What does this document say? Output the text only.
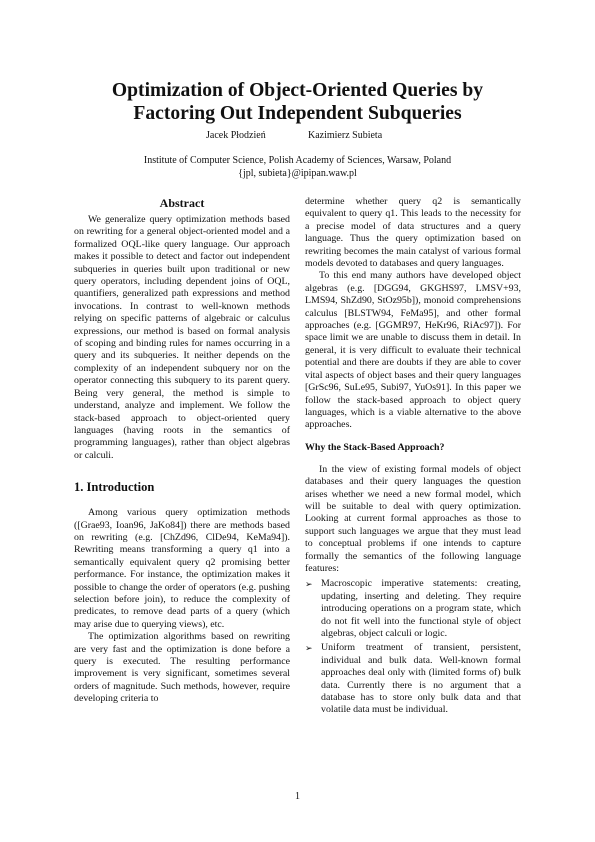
Optimization of Object-Oriented Queries by
Factoring Out Independent Subqueries
Jacek Płodzień	Kazimierz Subieta
Institute of Computer Science, Polish Academy of Sciences, Warsaw, Poland
{jpl, subieta}@ipipan.waw.pl
Abstract

We generalize query optimization methods based on rewriting for a general object-oriented model and a formalized OQL-like query language. Our approach makes it possible to detect and factor out independent subqueries in queries built upon traditional or new query operators, including dependent joins of OQL, quantifiers, generalized path expressions and method invocations. In contrast to well-known methods relying on specific patterns of algebraic or calculus expressions, our method is based on formal analysis of scoping and binding rules for names occurring in a query and its subqueries. It neither depends on the complexity of an independent subquery nor on the operator connecting this subquery to its parent query. Being very general, the method is simple to understand, analyze and implement. We follow the stack-based approach to object-oriented query languages (having roots in the semantics of programming languages), rather than object algebras or calculi.

1. Introduction

Among various query optimization methods ([Grae93, Ioan96, JaKo84]) there are methods based on rewriting (e.g. [ChZd96, ClDe94, KeMa94]). Rewriting means transforming a query q1 into a semantically equivalent query q2 promising better performance. For instance, the optimization makes it possible to change the order of operators (e.g. pushing selection before join), to reduce the complexity of predicates, to remove dead parts of a query (which may arise due to querying views), etc.

The optimization algorithms based on rewriting are very fast and the optimization is done before a query is executed. The resulting performance improvement is very significant, sometimes several orders of magnitude. Such methods, however, require developing criteria to

determine whether query q2 is semantically equivalent to query q1. This leads to the necessity for a precise model of data structures and a query language. Thus the query optimization based on rewriting becomes the main catalyst of various formal models devoted to databases and query languages.

To this end many authors have developed object algebras (e.g. [DGG94, GKGHS97, LMSV+93, LMS94, ShZd90, StOz95b]), monoid comprehensions calculus [BLSTW94, FeMa95], and other formal approaches (e.g. [GGMR97, HeKr96, RiAc97]). For space limit we are unable to discuss them in detail. In general, it is very difficult to evaluate their technical potential and there are doubts if they are able to cover vital aspects of object bases and their query languages [GrSc96, SuLe95, Subi97, YuOs91]. In this paper we follow the stack-based approach to object query languages, which is a viable alternative to the above approaches.

Why the Stack-Based Approach?

In the view of existing formal models of object databases and their query languages the question arises whether we need a new formal model, which will be suitable to deal with query optimization. Looking at current formal approaches as those to support such languages we argue that they must lead to conceptual problems if one intends to capture formally the semantics of the following language features:

➢ Macroscopic imperative statements: creating, updating, inserting and deleting. They require introducing operations on a program state, which do not fit well into the functional style of object algebras, object calculi or logic.
➢ Uniform treatment of transient, persistent, individual and bulk data. Well-known formal approaches deal only with (limited forms of) bulk data. Currently there is no argument that a database has to store only bulk data and that volatile data must be individual.
1
